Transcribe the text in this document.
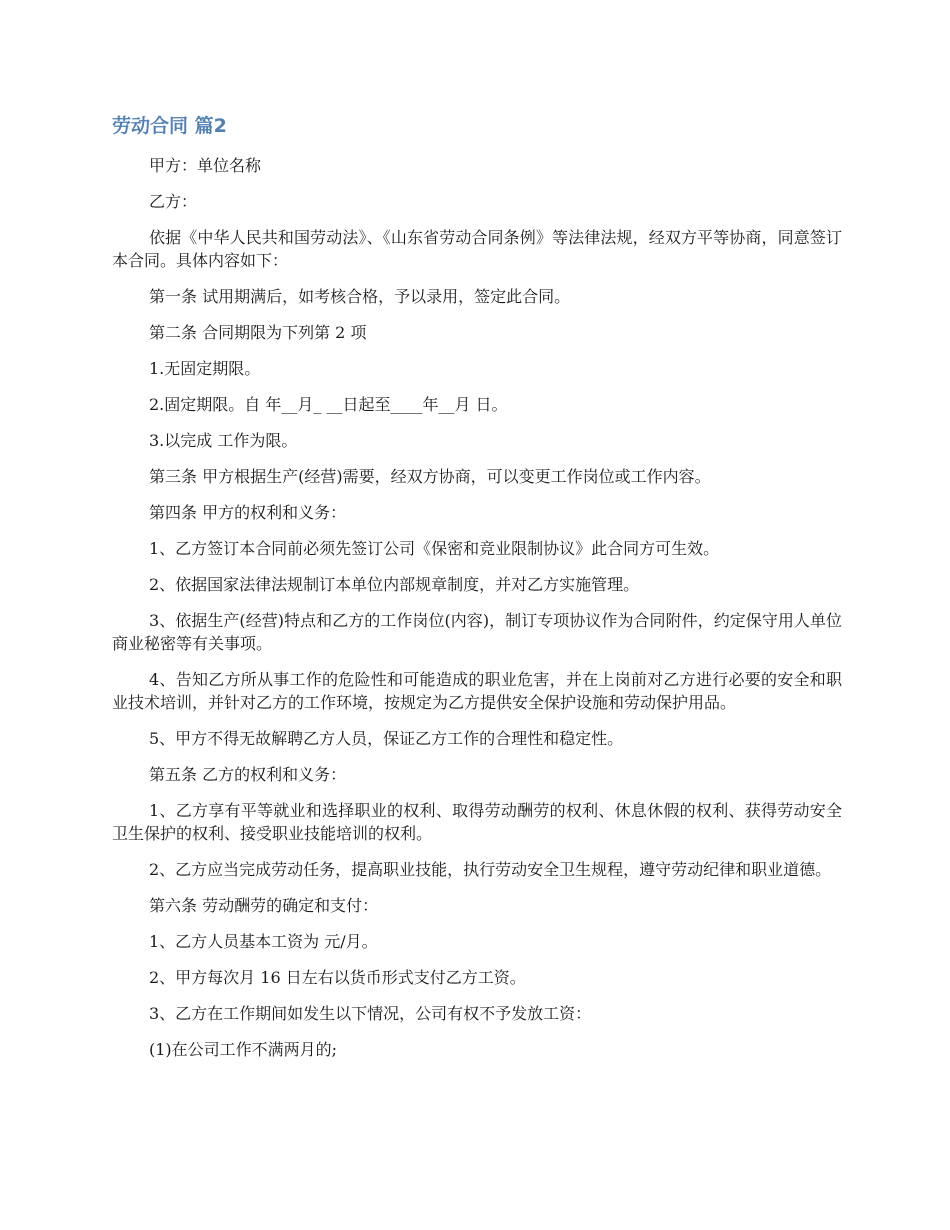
劳动合同 篇2

甲方：单位名称

乙方：

依据《中华人民共和国劳动法》、《山东省劳动合同条例》等法律法规，经双方平等协商，同意签订本合同。具体内容如下：

第一条 试用期满后，如考核合格，予以录用，签定此合同。

第二条 合同期限为下列第 2 项

1.无固定期限。

2.固定期限。自 年__月_ __日起至____年__月 日。

3.以完成 工作为限。

第三条 甲方根据生产(经营)需要，经双方协商，可以变更工作岗位或工作内容。

第四条 甲方的权利和义务：

1、乙方签订本合同前必须先签订公司《保密和竞业限制协议》此合同方可生效。

2、依据国家法律法规制订本单位内部规章制度，并对乙方实施管理。

3、依据生产(经营)特点和乙方的工作岗位(内容)，制订专项协议作为合同附件，约定保守用人单位商业秘密等有关事项。

4、告知乙方所从事工作的危险性和可能造成的职业危害，并在上岗前对乙方进行必要的安全和职业技术培训，并针对乙方的工作环境，按规定为乙方提供安全保护设施和劳动保护用品。

5、甲方不得无故解聘乙方人员，保证乙方工作的合理性和稳定性。

第五条 乙方的权利和义务：

1、乙方享有平等就业和选择职业的权利、取得劳动酬劳的权利、休息休假的权利、获得劳动安全卫生保护的权利、接受职业技能培训的权利。

2、乙方应当完成劳动任务，提高职业技能，执行劳动安全卫生规程，遵守劳动纪律和职业道德。

第六条 劳动酬劳的确定和支付：

1、乙方人员基本工资为 元/月。

2、甲方每次月 16 日左右以货币形式支付乙方工资。

3、乙方在工作期间如发生以下情况，公司有权不予发放工资：

(1)在公司工作不满两月的;
